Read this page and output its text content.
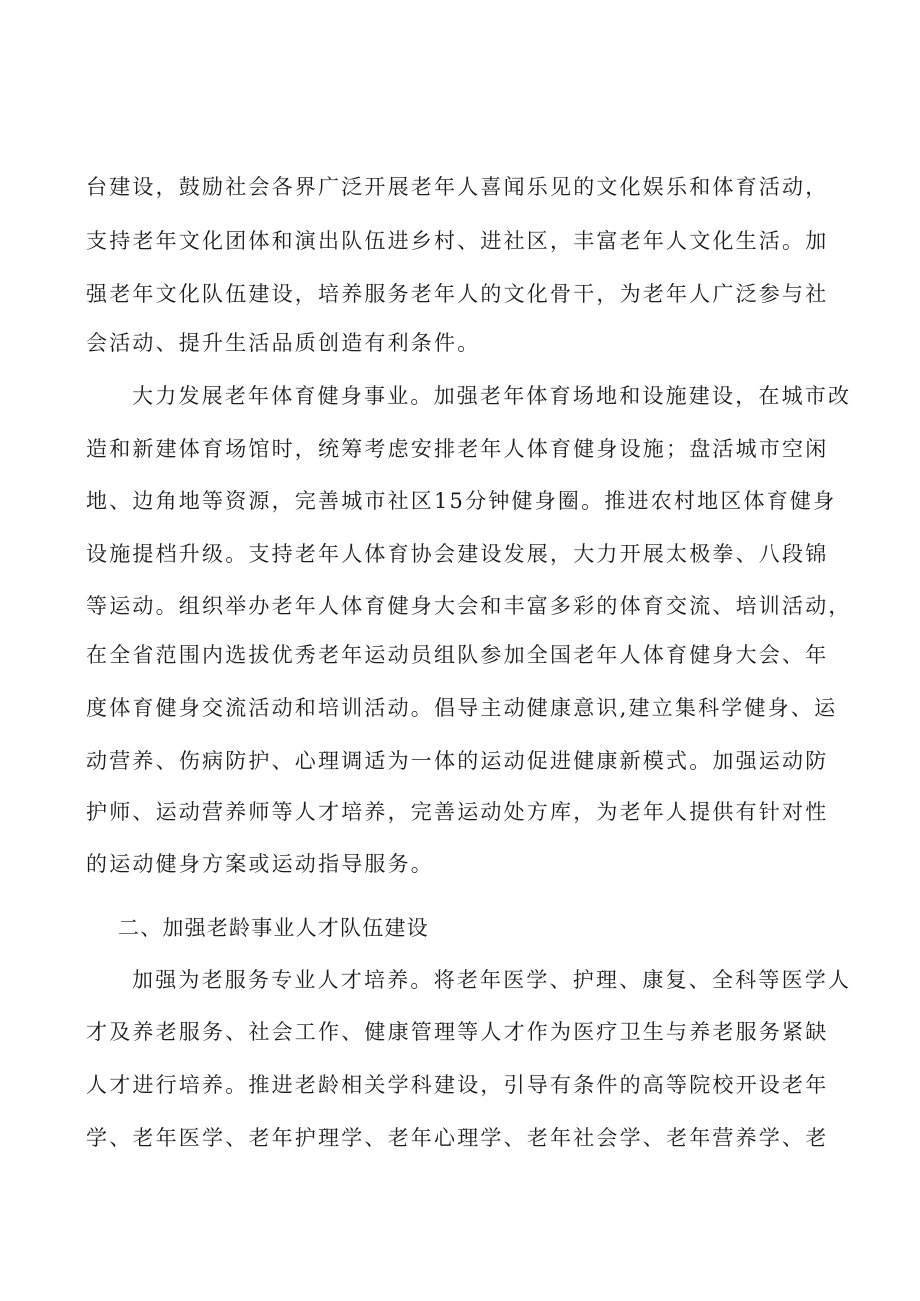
台建设，鼓励社会各界广泛开展老年人喜闻乐见的文化娱乐和体育活动，
支持老年文化团体和演出队伍进乡村、进社区，丰富老年人文化生活。加
强老年文化队伍建设，培养服务老年人的文化骨干，为老年人广泛参与社
会活动、提升生活品质创造有利条件。
大力发展老年体育健身事业。加强老年体育场地和设施建设，在城市改
造和新建体育场馆时，统筹考虑安排老年人体育健身设施；盘活城市空闲
地、边角地等资源，完善城市社区15分钟健身圈。推进农村地区体育健身
设施提档升级。支持老年人体育协会建设发展，大力开展太极拳、八段锦
等运动。组织举办老年人体育健身大会和丰富多彩的体育交流、培训活动，
在全省范围内选拔优秀老年运动员组队参加全国老年人体育健身大会、年
度体育健身交流活动和培训活动。倡导主动健康意识,建立集科学健身、运
动营养、伤病防护、心理调适为一体的运动促进健康新模式。加强运动防
护师、运动营养师等人才培养，完善运动处方库，为老年人提供有针对性
的运动健身方案或运动指导服务。
二、加强老龄事业人才队伍建设
加强为老服务专业人才培养。将老年医学、护理、康复、全科等医学人
才及养老服务、社会工作、健康管理等人才作为医疗卫生与养老服务紧缺
人才进行培养。推进老龄相关学科建设，引导有条件的高等院校开设老年
学、老年医学、老年护理学、老年心理学、老年社会学、老年营养学、老
